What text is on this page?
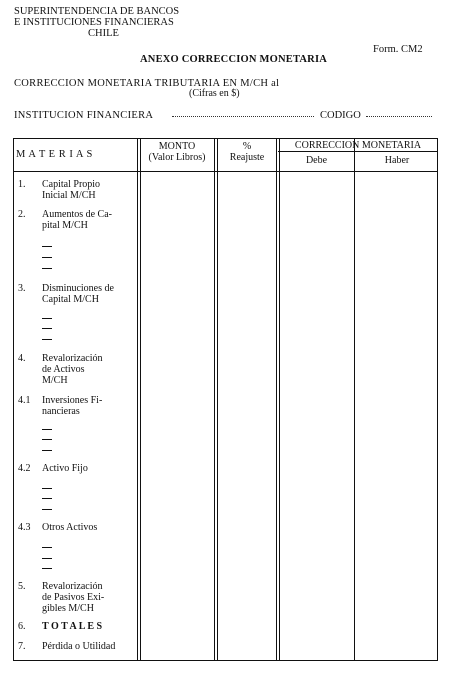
SUPERINTENDENCIA DE BANCOS
E INSTITUCIONES FINANCIERAS
CHILE
Form. CM2
ANEXO CORRECCION MONETARIA
CORRECCION MONETARIA TRIBUTARIA EN M/CH al
(Cifras en $)
INSTITUCION FINANCIERA	CODIGO
M A T E R I A S
MONTO
(Valor Libros)
%
Reajuste
CORRECCION MONETARIA
Debe	Haber
1. Capital Propio
Inicial M/CH
2. Aumentos de Ca-
pital M/CH
3. Disminuciones de
Capital M/CH
4. Revalorización
de Activos
M/CH
4.1 Inversiones Fi-
nancieras
4.2 Activo Fijo
4.3 Otros Activos
5. Revalorización
de Pasivos Exi-
gibles M/CH
6. T O T A L E S
7. Pérdida o Utilidad
